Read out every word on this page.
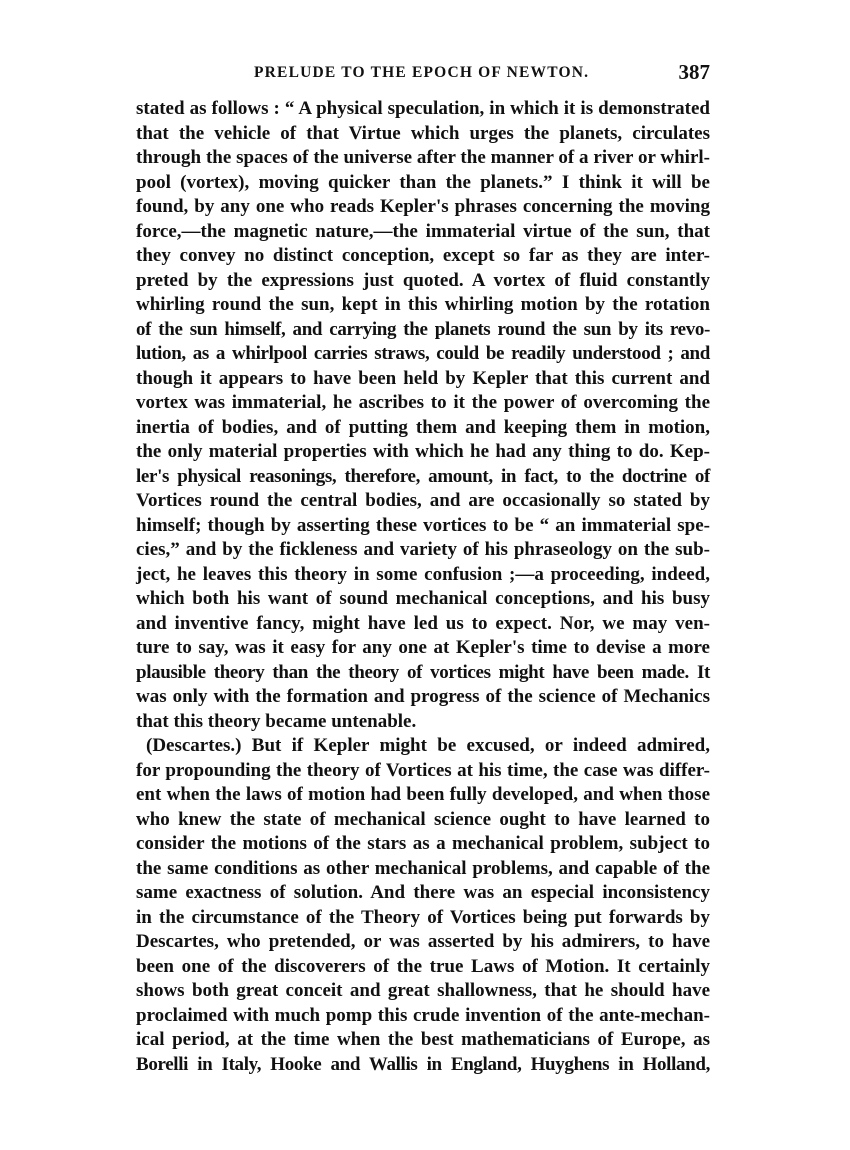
PRELUDE TO THE EPOCH OF NEWTON.	387
stated as follows : “ A physical speculation, in which it is demonstrated
that the vehicle of that Virtue which urges the planets, circulates
through the spaces of the universe after the manner of a river or whirl-
pool (vortex), moving quicker than the planets.” I think it will be
found, by any one who reads Kepler's phrases concerning the moving
force,—the magnetic nature,—the immaterial virtue of the sun, that
they convey no distinct conception, except so far as they are inter-
preted by the expressions just quoted. A vortex of fluid constantly
whirling round the sun, kept in this whirling motion by the rotation
of the sun himself, and carrying the planets round the sun by its revo-
lution, as a whirlpool carries straws, could be readily understood ; and
though it appears to have been held by Kepler that this current and
vortex was immaterial, he ascribes to it the power of overcoming the
inertia of bodies, and of putting them and keeping them in motion,
the only material properties with which he had any thing to do. Kep-
ler's physical reasonings, therefore, amount, in fact, to the doctrine of
Vortices round the central bodies, and are occasionally so stated by
himself; though by asserting these vortices to be “ an immaterial spe-
cies,” and by the fickleness and variety of his phraseology on the sub-
ject, he leaves this theory in some confusion ;—a proceeding, indeed,
which both his want of sound mechanical conceptions, and his busy
and inventive fancy, might have led us to expect. Nor, we may ven-
ture to say, was it easy for any one at Kepler's time to devise a more
plausible theory than the theory of vortices might have been made. It
was only with the formation and progress of the science of Mechanics
that this theory became untenable.
(Descartes.) But if Kepler might be excused, or indeed admired,
for propounding the theory of Vortices at his time, the case was differ-
ent when the laws of motion had been fully developed, and when those
who knew the state of mechanical science ought to have learned to
consider the motions of the stars as a mechanical problem, subject to
the same conditions as other mechanical problems, and capable of the
same exactness of solution. And there was an especial inconsistency
in the circumstance of the Theory of Vortices being put forwards by
Descartes, who pretended, or was asserted by his admirers, to have
been one of the discoverers of the true Laws of Motion. It certainly
shows both great conceit and great shallowness, that he should have
proclaimed with much pomp this crude invention of the ante-mechan-
ical period, at the time when the best mathematicians of Europe, as
Borelli in Italy, Hooke and Wallis in England, Huyghens in Holland,
